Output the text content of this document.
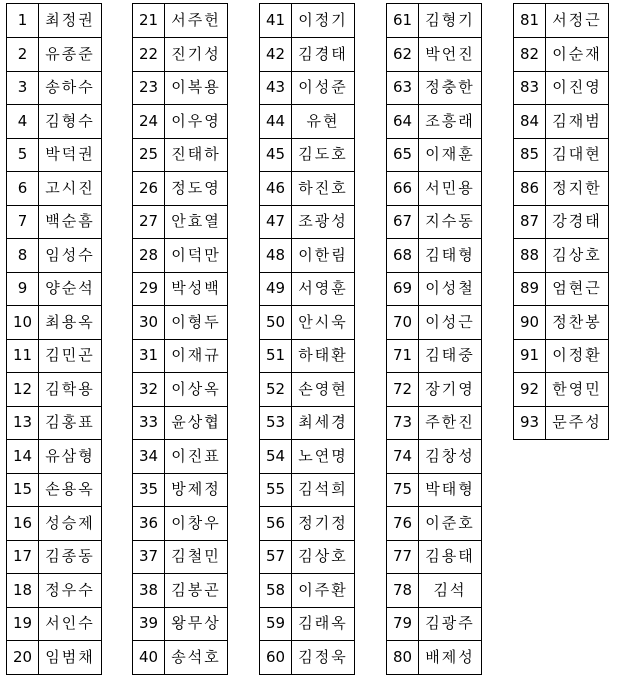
1	최정권
2	유종준
3	송하수
4	김형수
5	박덕권
6	고시진
7	백순흠
8	임성수
9	양순석
10	최용옥
11	김민곤
12	김학용
13	김홍표
14	유삼형
15	손용옥
16	성승제
17	김종동
18	정우수
19	서인수
20	임범채
21	서주헌
22	진기성
23	이복용
24	이우영
25	진태하
26	정도영
27	안효열
28	이덕만
29	박성백
30	이형두
31	이재규
32	이상옥
33	윤상협
34	이진표
35	방제정
36	이창우
37	김철민
38	김봉곤
39	왕무상
40	송석호
41	이정기
42	김경태
43	이성준
44	유현
45	김도호
46	하진호
47	조광성
48	이한림
49	서영훈
50	안시욱
51	하태환
52	손영현
53	최세경
54	노연명
55	김석희
56	정기정
57	김상호
58	이주환
59	김래옥
60	김정욱
61	김형기
62	박언진
63	정충한
64	조흥래
65	이재훈
66	서민용
67	지수동
68	김태형
69	이성철
70	이성근
71	김태중
72	장기영
73	주한진
74	김창성
75	박태형
76	이준호
77	김용태
78	김석
79	김광주
80	배제성
81	서정근
82	이순재
83	이진영
84	김재범
85	김대현
86	정지한
87	강경태
88	김상호
89	엄현근
90	정찬봉
91	이정환
92	한영민
93	문주성
